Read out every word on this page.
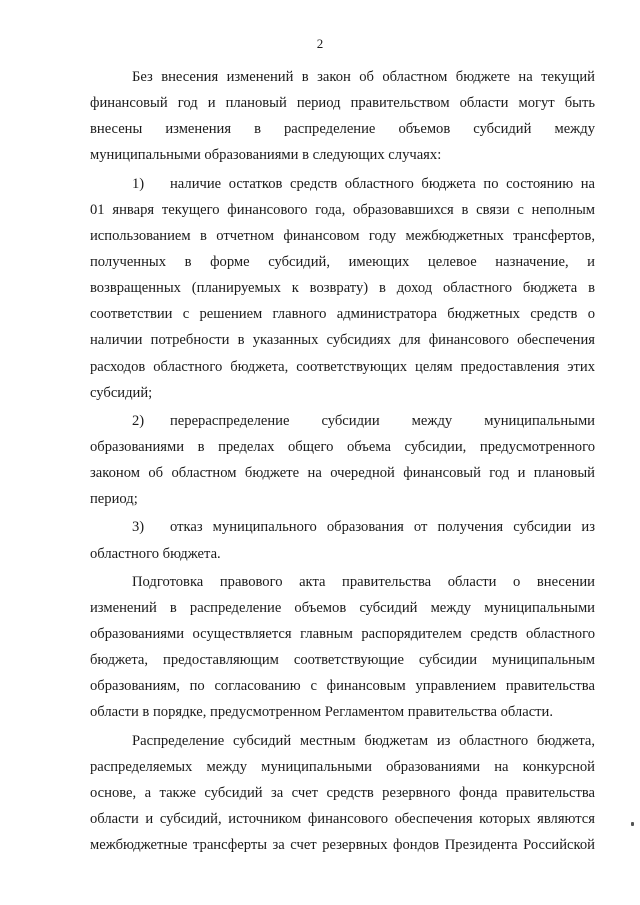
2
Без внесения изменений в закон об областном бюджете на текущий
финансовый год и плановый период правительством области могут быть
внесены изменения в распределение объемов субсидий между
муниципальными образованиями в следующих случаях:
1)	наличие остатков средств областного бюджета по состоянию на
01 января текущего финансового года, образовавшихся в связи с неполным
использованием в отчетном финансовом году межбюджетных трансфертов,
полученных в форме субсидий, имеющих целевое назначение, и
возвращенных (планируемых к возврату) в доход областного бюджета в
соответствии с решением главного администратора бюджетных средств о
наличии потребности в указанных субсидиях для финансового обеспечения
расходов областного бюджета, соответствующих целям предоставления этих
субсидий;
2)	перераспределение субсидии между муниципальными
образованиями в пределах общего объема субсидии, предусмотренного
законом об областном бюджете на очередной финансовый год и плановый
период;
3)	отказ муниципального образования от получения субсидии из
областного бюджета.
Подготовка правового акта правительства области о внесении
изменений в распределение объемов субсидий между муниципальными
образованиями осуществляется главным распорядителем средств областного
бюджета, предоставляющим соответствующие субсидии муниципальным
образованиям, по согласованию с финансовым управлением правительства
области в порядке, предусмотренном Регламентом правительства области.
Распределение субсидий местным бюджетам из областного бюджета,
распределяемых между муниципальными образованиями на конкурсной
основе, а также субсидий за счет средств резервного фонда правительства
области и субсидий, источником финансового обеспечения которых являются
межбюджетные трансферты за счет резервных фондов Президента Российской
